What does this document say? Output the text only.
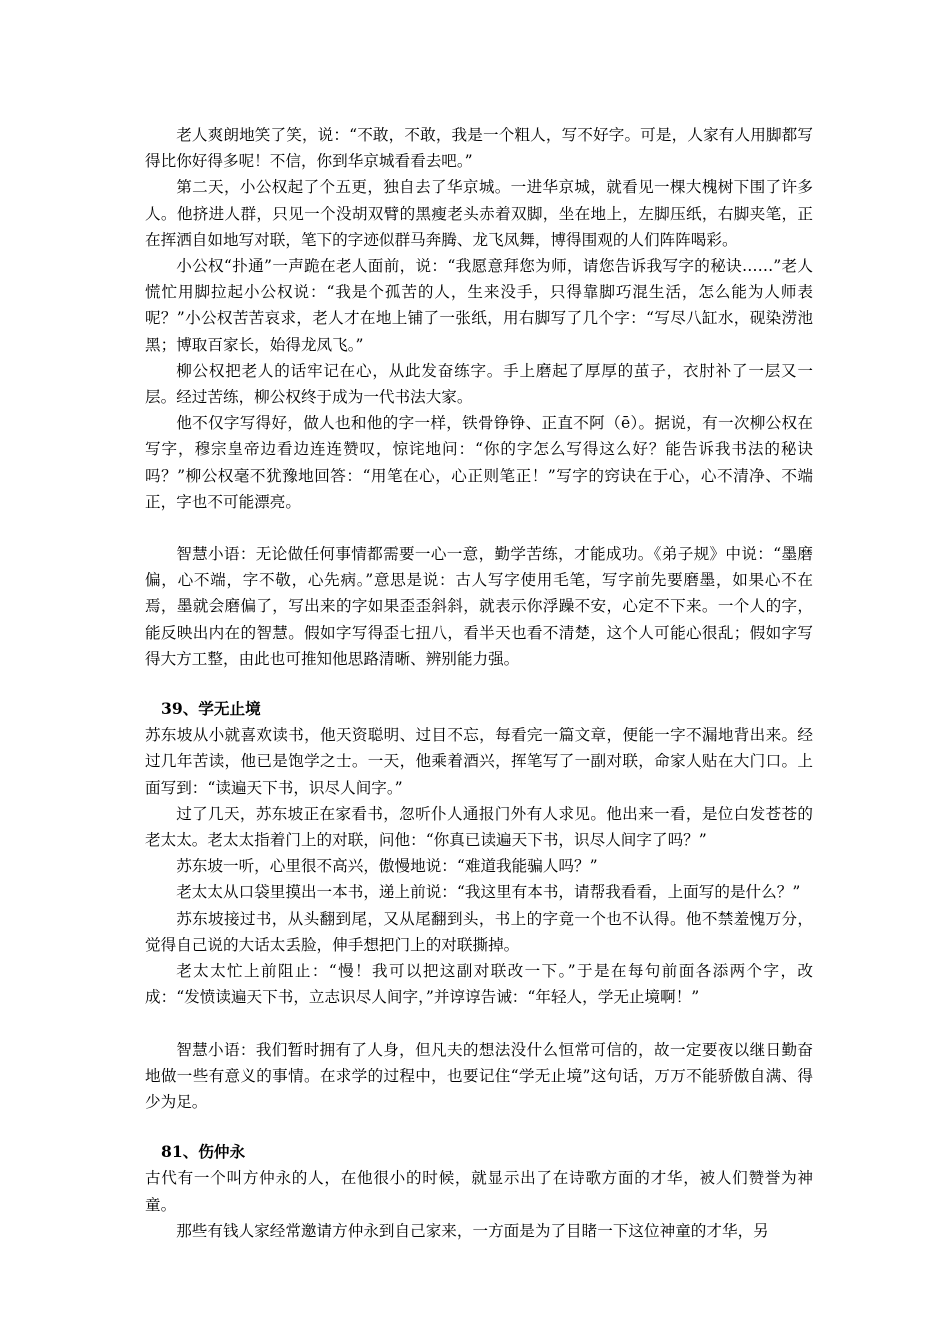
老人爽朗地笑了笑，说：“不敢，不敢，我是一个粗人，写不好字。可是，人家有人用脚都写得比你好得多呢！不信，你到华京城看看去吧。”

第二天，小公权起了个五更，独自去了华京城。一进华京城，就看见一棵大槐树下围了许多人。他挤进人群，只见一个没胡双臂的黑瘦老头赤着双脚，坐在地上，左脚压纸，右脚夹笔，正在挥洒自如地写对联，笔下的字迹似群马奔腾、龙飞凤舞，博得围观的人们阵阵喝彩。

小公权“扑通”一声跪在老人面前，说：“我愿意拜您为师，请您告诉我写字的秘诀……”老人慌忙用脚拉起小公权说：“我是个孤苦的人，生来没手，只得靠脚巧混生活，怎么能为人师表呢？”小公权苦苦哀求，老人才在地上铺了一张纸，用右脚写了几个字：“写尽八缸水，砚染涝池黑；博取百家长，始得龙凤飞。”

柳公权把老人的话牢记在心，从此发奋练字。手上磨起了厚厚的茧子，衣肘补了一层又一层。经过苦练，柳公权终于成为一代书法大家。

他不仅字写得好，做人也和他的字一样，铁骨铮铮、正直不阿（ē）。据说，有一次柳公权在写字，穆宗皇帝边看边连连赞叹，惊诧地问：“你的字怎么写得这么好？能告诉我书法的秘诀吗？”柳公权毫不犹豫地回答：“用笔在心，心正则笔正！”写字的窍诀在于心，心不清净、不端正，字也不可能漂亮。

智慧小语：无论做任何事情都需要一心一意，勤学苦练，才能成功。《弟子规》中说：“墨磨偏，心不端，字不敬，心先病。”意思是说：古人写字使用毛笔，写字前先要磨墨，如果心不在焉，墨就会磨偏了，写出来的字如果歪歪斜斜，就表示你浮躁不安，心定不下来。一个人的字，能反映出内在的智慧。假如字写得歪七扭八，看半天也看不清楚，这个人可能心很乱；假如字写得大方工整，由此也可推知他思路清晰、辨别能力强。

39、学无止境

苏东坡从小就喜欢读书，他天资聪明、过目不忘，每看完一篇文章，便能一字不漏地背出来。经过几年苦读，他已是饱学之士。一天，他乘着酒兴，挥笔写了一副对联，命家人贴在大门口。上面写到：“读遍天下书，识尽人间字。”

过了几天，苏东坡正在家看书，忽听仆人通报门外有人求见。他出来一看，是位白发苍苍的老太太。老太太指着门上的对联，问他：“你真已读遍天下书，识尽人间字了吗？”

苏东坡一听，心里很不高兴，傲慢地说：“难道我能骗人吗？”

老太太从口袋里摸出一本书，递上前说：“我这里有本书，请帮我看看，上面写的是什么？”

苏东坡接过书，从头翻到尾，又从尾翻到头，书上的字竟一个也不认得。他不禁羞愧万分，觉得自己说的大话太丢脸，伸手想把门上的对联撕掉。

老太太忙上前阻止：“慢！我可以把这副对联改一下。”于是在每句前面各添两个字，改成：“发愤读遍天下书，立志识尽人间字，”并谆谆告诫：“年轻人，学无止境啊！”

智慧小语：我们暂时拥有了人身，但凡夫的想法没什么恒常可信的，故一定要夜以继日勤奋地做一些有意义的事情。在求学的过程中，也要记住“学无止境”这句话，万万不能骄傲自满、得少为足。

81、伤仲永

古代有一个叫方仲永的人，在他很小的时候，就显示出了在诗歌方面的才华，被人们赞誉为神童。

那些有钱人家经常邀请方仲永到自己家来，一方面是为了目睹一下这位神童的才华，另
